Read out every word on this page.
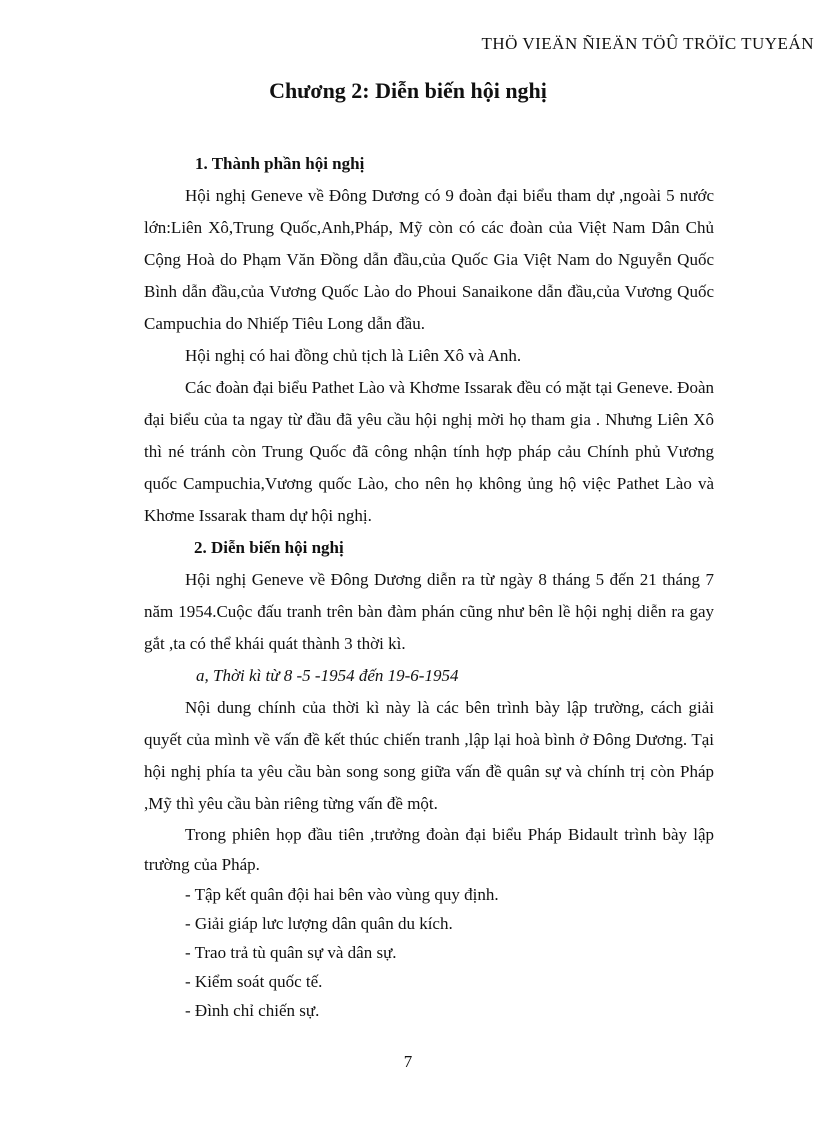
THÖ VIEÄN ÑIEÄN TÖÛ TRÖÏC TUYEÁN
Chương 2: Diễn biến hội nghị

1. Thành phần hội nghị

Hội nghị Geneve về Đông Dương có 9 đoàn đại biểu tham dự ,ngoài 5 nước lớn:Liên Xô,Trung Quốc,Anh,Pháp, Mỹ còn có các đoàn của Việt Nam Dân Chủ Cộng Hoà do Phạm Văn Đồng dẫn đầu,của Quốc Gia Việt Nam do Nguyễn Quốc Bình dẫn đầu,của Vương Quốc Lào do Phoui Sanaikone dẫn đầu,của Vương Quốc Campuchia do Nhiếp Tiêu Long dẫn đầu.

Hội nghị có hai đồng chủ tịch là Liên Xô và Anh.

Các đoàn đại biểu Pathet Lào và Khơme Issarak đều có mặt tại Geneve. Đoàn đại biểu của ta ngay từ đầu đã yêu cầu hội nghị mời họ tham gia . Nhưng Liên Xô thì né tránh còn Trung Quốc đã công nhận tính hợp pháp cảu Chính phủ Vương quốc Campuchia,Vương quốc Lào, cho nên họ không ủng hộ việc Pathet Lào và Khơme Issarak tham dự hội nghị.

2. Diễn biến hội nghị

Hội nghị Geneve về Đông Dương diễn ra từ ngày 8 tháng 5 đến 21 tháng 7 năm 1954.Cuộc đấu tranh trên bàn đàm phán cũng như bên lề hội nghị diễn ra gay gắt ,ta có thể khái quát thành 3 thời kì.

a, Thời kì từ 8 -5 -1954 đến 19-6-1954

Nội dung chính của thời kì này là các bên trình bày lập trường, cách giải quyết của mình về vấn đề kết thúc chiến tranh ,lập lại hoà bình ở Đông Dương. Tại hội nghị phía ta yêu cầu bàn song song giữa vấn đề quân sự và chính trị còn Pháp ,Mỹ thì yêu cầu bàn riêng từng vấn đề một.

Trong phiên họp đầu tiên ,trưởng đoàn đại biểu Pháp Bidault trình bày lập trường của Pháp.

- Tập kết quân đội hai bên vào vùng quy định.

- Giải giáp lưc lượng dân quân du kích.

- Trao trả tù quân sự và dân sự.

- Kiểm soát quốc tế.

- Đình chỉ chiến sự.

7
